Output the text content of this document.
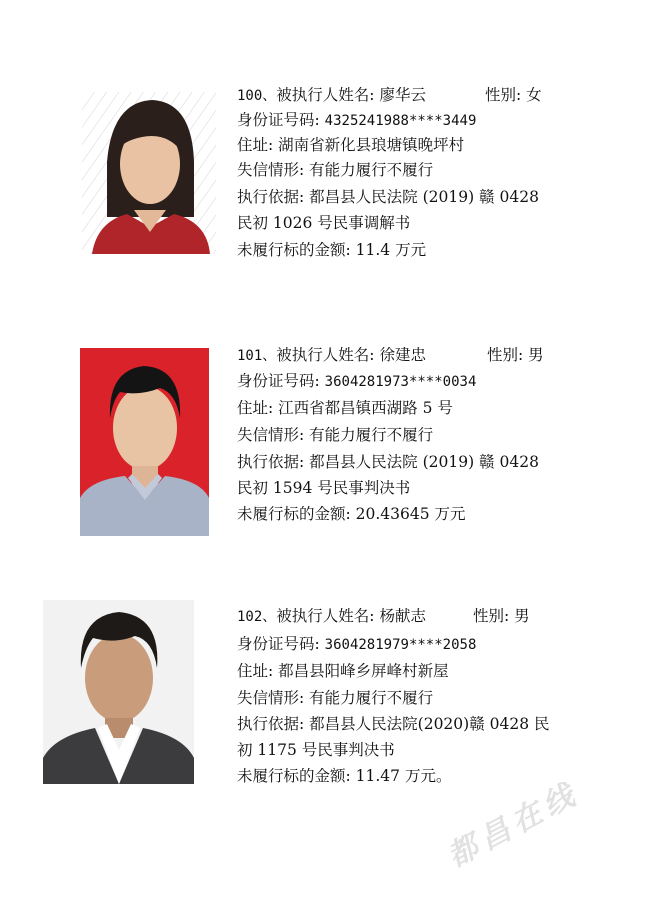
100、被执行人姓名: 廖华云	性别: 女
身份证号码: 4325241988****3449
住址: 湖南省新化县琅塘镇晚坪村
失信情形: 有能力履行不履行
执行依据: 都昌县人民法院 (2019) 赣 0428
民初 1026 号民事调解书
未履行标的金额: 11.4 万元
101、被执行人姓名: 徐建忠	性别: 男
身份证号码: 3604281973****0034
住址: 江西省都昌镇西湖路 5 号
失信情形: 有能力履行不履行
执行依据: 都昌县人民法院 (2019) 赣 0428
民初 1594 号民事判决书
未履行标的金额: 20.43645 万元
102、被执行人姓名: 杨献志	性别: 男
身份证号码: 3604281979****2058
住址: 都昌县阳峰乡屏峰村新屋
失信情形: 有能力履行不履行
执行依据: 都昌县人民法院(2020)赣 0428 民
初 1175 号民事判决书
未履行标的金额: 11.47 万元。
都昌在线
